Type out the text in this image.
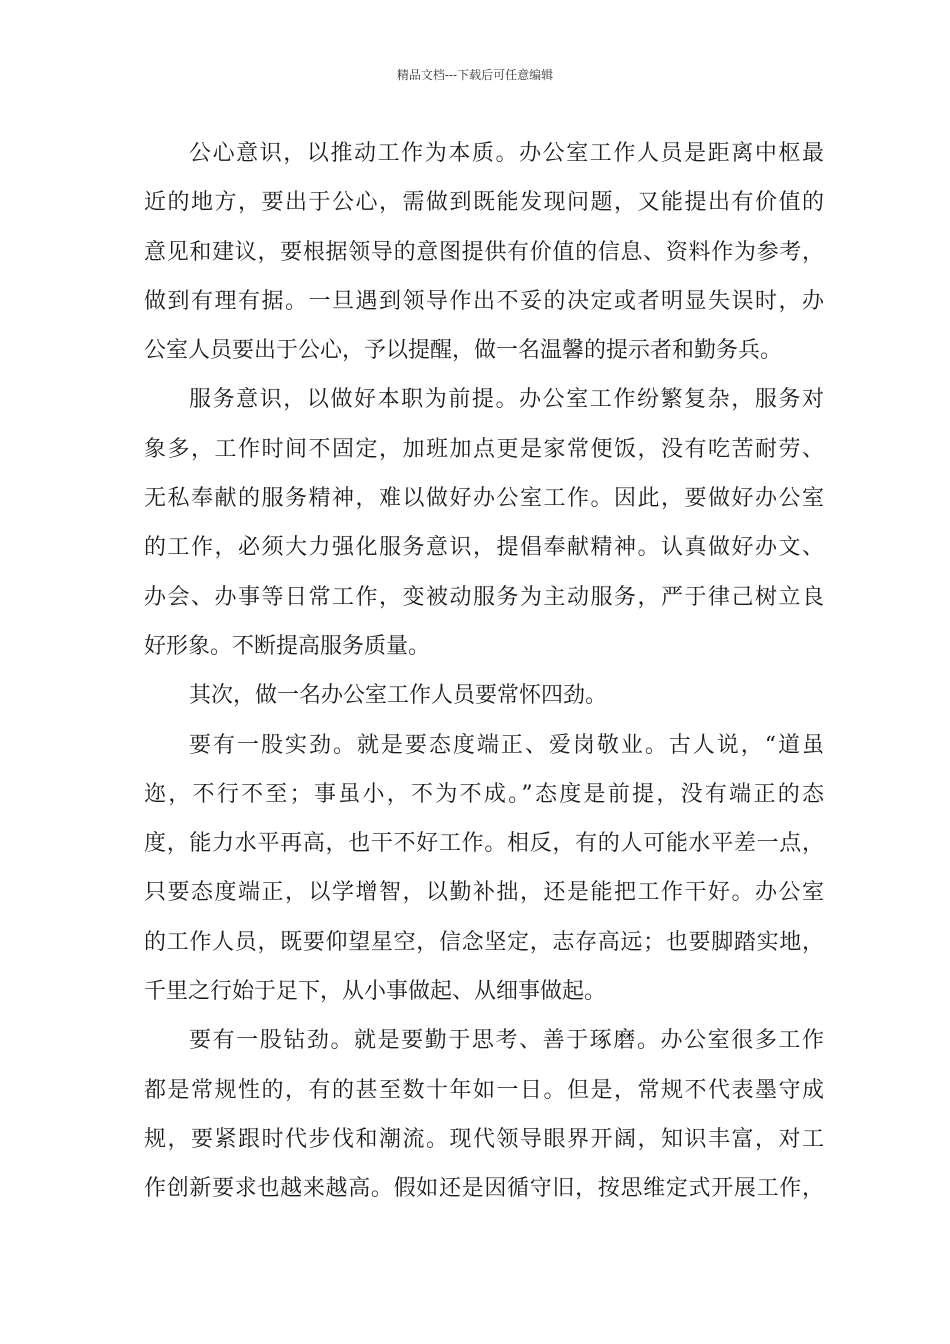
精品文档---下载后可任意编辑
公心意识，以推动工作为本质。办公室工作人员是距离中枢最
近的地方，要出于公心，需做到既能发现问题，又能提出有价值的
意见和建议，要根据领导的意图提供有价值的信息、资料作为参考，
做到有理有据。一旦遇到领导作出不妥的决定或者明显失误时，办
公室人员要出于公心，予以提醒，做一名温馨的提示者和勤务兵。
服务意识，以做好本职为前提。办公室工作纷繁复杂，服务对
象多，工作时间不固定，加班加点更是家常便饭，没有吃苦耐劳、
无私奉献的服务精神，难以做好办公室工作。因此，要做好办公室
的工作，必须大力强化服务意识，提倡奉献精神。认真做好办文、
办会、办事等日常工作，变被动服务为主动服务，严于律己树立良
好形象。不断提高服务质量。
其次，做一名办公室工作人员要常怀四劲。
要有一股实劲。就是要态度端正、爱岗敬业。古人说，“道虽
迩，不行不至；事虽小，不为不成。”态度是前提，没有端正的态
度，能力水平再高，也干不好工作。相反，有的人可能水平差一点，
只要态度端正，以学增智，以勤补拙，还是能把工作干好。办公室
的工作人员，既要仰望星空，信念坚定，志存高远；也要脚踏实地，
千里之行始于足下，从小事做起、从细事做起。
要有一股钻劲。就是要勤于思考、善于琢磨。办公室很多工作
都是常规性的，有的甚至数十年如一日。但是，常规不代表墨守成
规，要紧跟时代步伐和潮流。现代领导眼界开阔，知识丰富，对工
作创新要求也越来越高。假如还是因循守旧，按思维定式开展工作，
